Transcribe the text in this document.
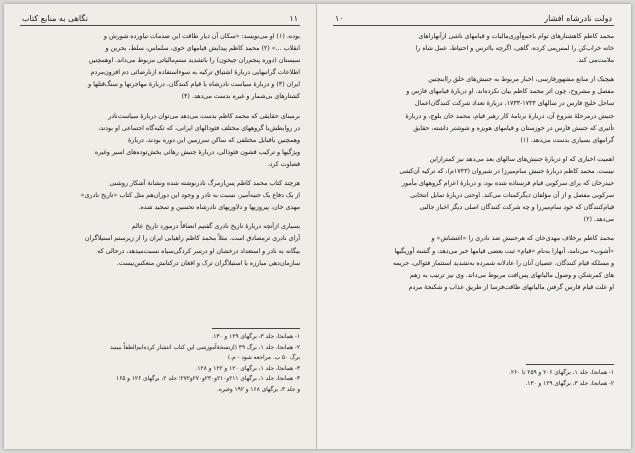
۱۱
نگاهی به منابع کتاب

بوده، (۱) او می‌نویسد: «سکان آن دیار طاقت این صدمات نیاورده شورش و

انقلاب ...» (۲) محمد کاظم پیدایش قیامهای خوی، سلماس، سلط، بحرین و

سیستان (دوره پنجم‌ران جیحون) را باتشدید ستم‌مالیاتی مربوط می‌داند. اوهمچنین

اطلاعات گرانبهایی دربارهٔ اشتیاق ترکیه به سوءاستفاده ازنارضائی دم افزون‌مردم

ایران (۳) و دربارهٔ سیاست نادرشاه با قیام کنندگان، دربارهٔ مهاجرتها و سنگ‌قتلها و

کشتارهای بی‌شمار و غیره بدست می‌دهد. (۴)

برمبنای حقایقی که محمد کاظم بدست می‌دهد می‌توان دربارهٔ سیاست‌نادر

در روابطش‌با گروههای مختلف فئودالهای ایرانی، که تکیه‌گاه اجتماعی او بودند،

وهمچنین باقبایل مختلفی که ساکن سرزمین این دوره بودند، دربارهٔ

ویژگیها و ترکیب قشون فئودالی، دربارهٔ جنبش رهائی بخش‌توده‌های اسیر وغیره

قضاوت کرد.

هرچند کتاب محمد کاظم پس‌ازمرگ نادر‌نوشته شده ونشانهٔ آشکار روشنی

از یک دفاع یک جنبه‌آمیز، نسبت به تادر و وجود این دوران‌هم مثل کتاب «تاریخ نادری»

مهدی خان، پیروزیها و دلاوریهای نادرشاه تحسین و تمجید شده.

بسیاری ازآنچه درباره‌ٔ تاریخ نادری گفتیم اتضاقاً درمورد تاریخ عالم

آرای نادری ترمصادق است. مثلاً محمد کاظم راهیابی ایران را از زیرستم استیلاگران

بیگانه به نادر و استعداد درخشان او درسر کردگی‌سپاه نسبت‌میدهد، درحالی که

سازمان‌دهی مبارزه با استیلاگران ترک و افغان درکتابش منعکس‌نیست.

۱- همانجا، جلد ۳، برگهای ۱۲۹ و ۱۳۰.

۲- همانجا، جلد ۱، برگ ۴۹ (ازنسخهٔ‌آموزشی این کتاب انتشار کرده‌ایم‌الطفاً ببینید

برگ ۵۰ ب. مراجعه شود - م.)

۳- همانجا، جلد ۱، برگهای ۱۲۰ و ۱۲۲ و ۱۲۸.

۴- همانجا، جلد ۱، برگهای ۲۱۱و۲۱۰و۲۳۰و۲۷۰و۲۷۲؛ جلد ۲، برگهای ۱۲۶ و ۱۶۵

و جلد ۳، برگهای ۱۶۸ و ۱۹۲ وغیره.

دولت نادرشاه افشار
۱۰

محمد کاظم کاهشتارهای توام باجمع‌آوری‌مالیات و قیامهای ناشی ازآنهارا‌های

خانه خراب‌کن را لمس‌می کرده، گاهی، اگرچه بااترس و احتیاط، عمل شاه را

ملامت‌می کند.

هیچیک از منابع مشهورفارسی، اخبار مربوط به جنبش‌های خلق را‌اینچنین

مفصل و مشروح، چون اثر محمد کاظم بیان نکرده‌اند. او دربارهٔ قیامهای فارس و

ساحل خلیج فارس در سالهای ۱۷۳۴-۱۷۳۳، دربارهٔ تعداد شرکت کنندگان‌اعمال

جنبش درمرحلهٔ شروع آن، دربارهٔ برنامهٔ کار رهبر قیام، محمد خان بلوچ، و دربارهٔ

تأثیری که جنبش فارس در خوزستان و قیامهای هویزه و شوشتر داشته، حقایق

گرانبهای بسیاری بدست می‌دهد. (۱)

اهمیت اخباری که او دربارهٔ جنبش‌های سالهای بعد می‌دهد نیز کمترازاین

نیست. محمد کاظم دربارهٔ جنبش سام‌میرزا در شیروان (۱۷۴۳م)، که ترکیه آن‌کشی

حیدرخان که برای سرکوبی قیام فرستاده شده بود، و دربارهٔ اعزام گروههای مأمور

سرکوبی مفصل و از آن مؤلفان دیگرکمتات می‌کند. اوحتی دربارهٔ تمایل انتخابی

قیام‌کنندگان که خود سام‌میرزا و چه شرکت کنندگان اصلی دیگر اخبار جالبی

می‌دهد. (۲)

محمد کاظم برخلاف مهدی‌خان که هرجنبش ضد نادری را «اغتشاش» و

«آشوب» می‌نامد، آنهارا به‌نام «قیام» ثبت بعضی قیامها خبر می‌دهد، و گشته آوریگیها

و مسلکه قیام کنندگان، عصیان آنان را عادلانه شمرده به‌تشدید استثمار فئوالی، جریمه

های کمرشکن و وصول مالیاتهای پس‌افت مربوط می‌داند. وی نیز ترتیب به زهم

او علت قیام فارس گرفتن مالیاتهای طاقت‌فرسا از طریق عذاب و شکنجهٔ مردم

۱- همانجا، جلد ۱، برگهای ۲۰۶ و ۲۵۹ تا ۲۶۰.

۲- همانجا، جلد ۳، برگهای ۱۲۹ و ۱۳۰.
